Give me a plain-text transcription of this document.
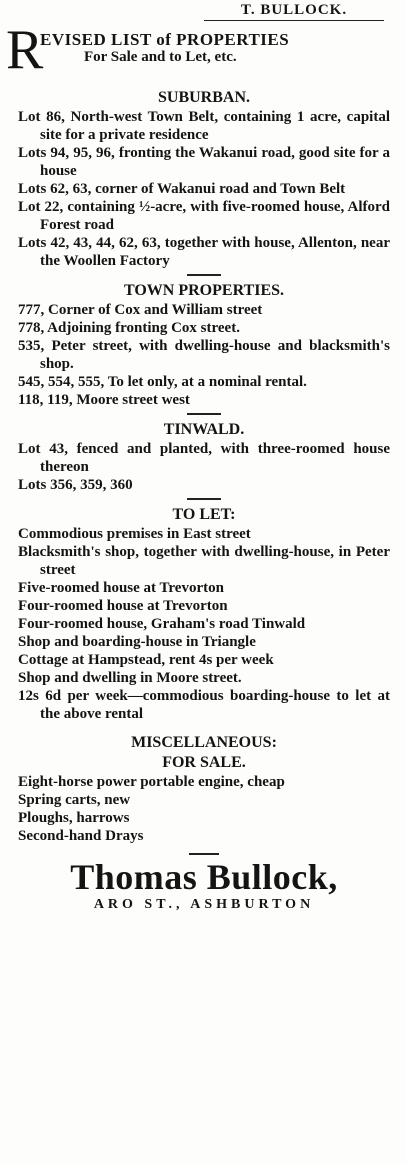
T. BULLOCK.
R
EVISED LIST of PROPERTIES
For Sale and to Let, etc.
SUBURBAN.

Lot 86, North-west Town Belt, containing 1 acre, capital site for a private residence

Lots 94, 95, 96, fronting the Wakanui road, good site for a house

Lots 62, 63, corner of Wakanui road and Town Belt

Lot 22, containing ½-acre, with five-roomed house, Alford Forest road

Lots 42, 43, 44, 62, 63, together with house, Allenton, near the Woollen Factory

TOWN PROPERTIES.

777, Corner of Cox and William street

778, Adjoining fronting Cox street.

535, Peter street, with dwelling-house and blacksmith's shop.

545, 554, 555, To let only, at a nominal rental.

118, 119, Moore street west

TINWALD.

Lot 43, fenced and planted, with three-roomed house thereon

Lots 356, 359, 360

TO LET:

Commodious premises in East street

Blacksmith's shop, together with dwelling-house, in Peter street

Five-roomed house at Trevorton

Four-roomed house at Trevorton

Four-roomed house, Graham's road Tinwald

Shop and boarding-house in Triangle

Cottage at Hampstead, rent 4s per week

Shop and dwelling in Moore street.

12s 6d per week—commodious boarding-house to let at the above rental

MISCELLANEOUS:
FOR SALE.

Eight-horse power portable engine, cheap

Spring carts, new

Ploughs, harrows

Second-hand Drays

Thomas Bullock,
ARO ST., ASHBURTON
